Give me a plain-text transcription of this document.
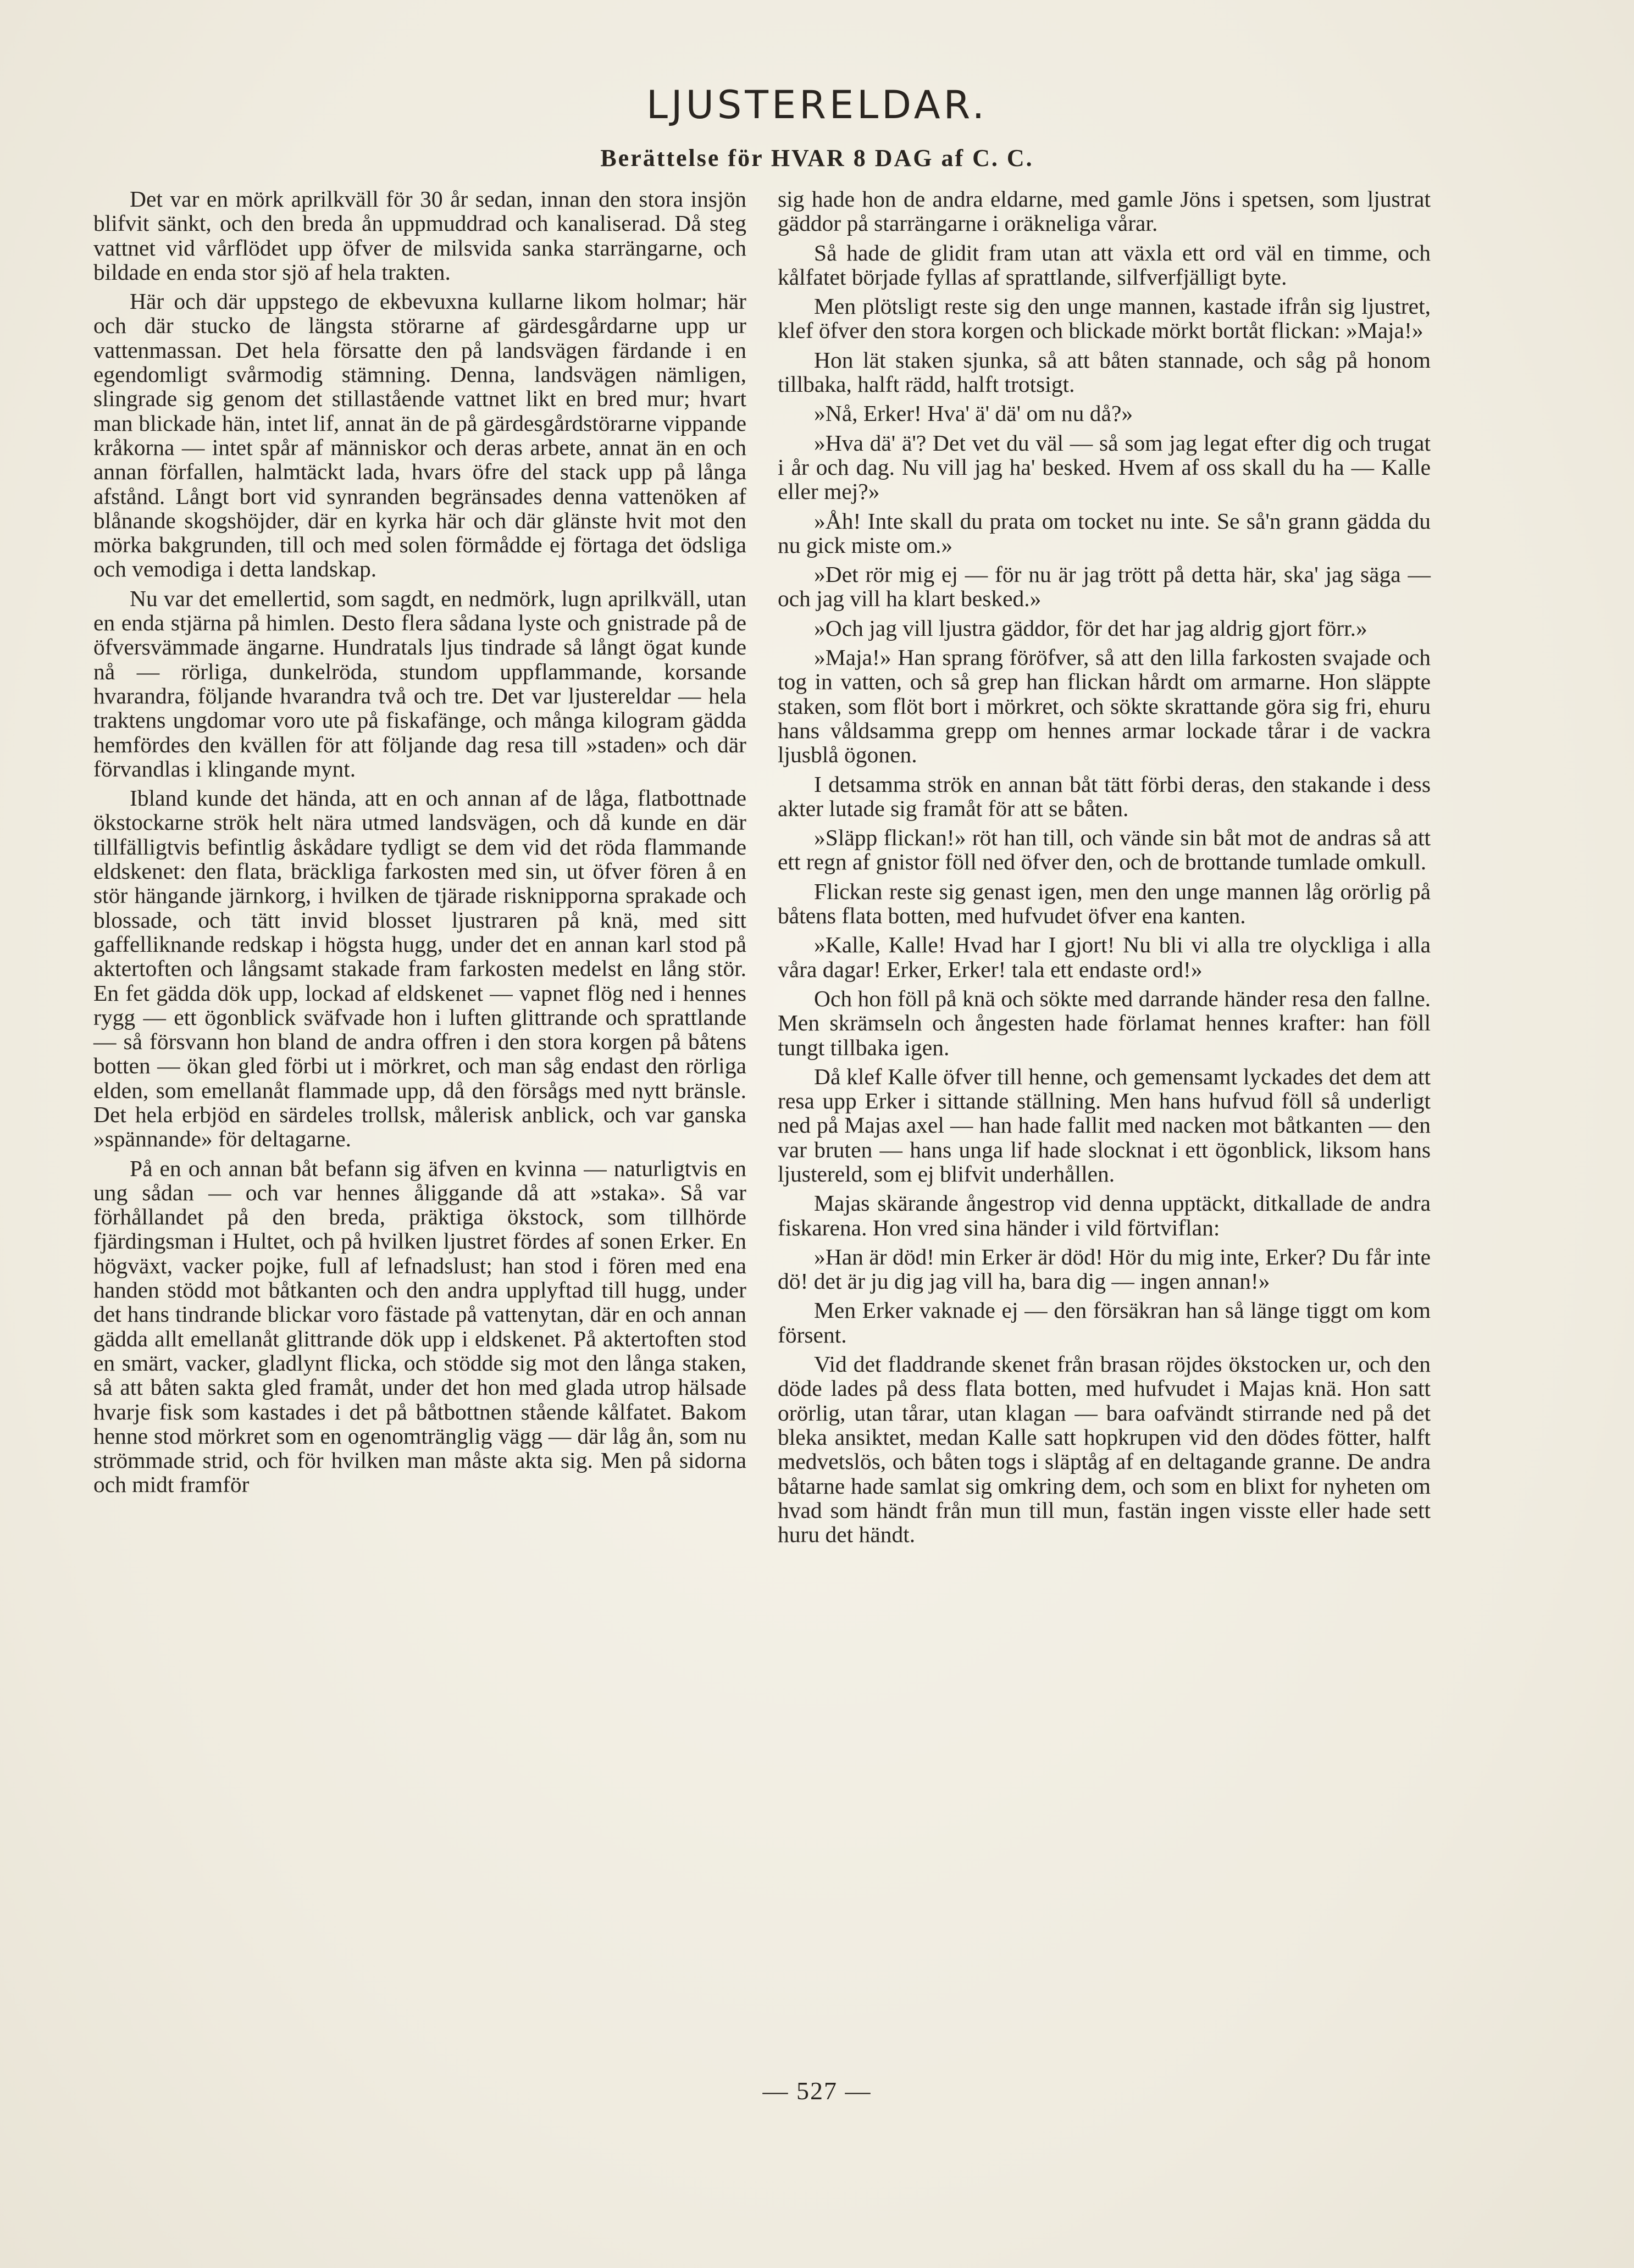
LJUSTERELDAR.
Berättelse för HVAR 8 DAG af C. C.

Det var en mörk aprilkväll för 30 år sedan, innan den stora insjön blifvit sänkt, och den breda ån uppmuddrad och kanaliserad. Då steg vattnet vid vårflödet upp öfver de milsvida sanka starrängarne, och bildade en enda stor sjö af hela trakten.

Här och där uppstego de ekbevuxna kullarne likom holmar; här och där stucko de längsta störarne af gärdesgårdarne upp ur vattenmassan. Det hela försatte den på landsvägen färdande i en egendomligt svårmodig stämning. Denna, landsvägen nämligen, slingrade sig genom det stillastående vattnet likt en bred mur; hvart man blickade hän, intet lif, annat än de på gärdesgårdstörarne vippande kråkorna — intet spår af människor och deras arbete, annat än en och annan förfallen, halmtäckt lada, hvars öfre del stack upp på långa afstånd. Långt bort vid synranden begränsades denna vattenöken af blånande skogshöjder, där en kyrka här och där glänste hvit mot den mörka bakgrunden, till och med solen förmådde ej förtaga det ödsliga och vemodiga i detta landskap.

Nu var det emellertid, som sagdt, en nedmörk, lugn aprilkväll, utan en enda stjärna på himlen. Desto flera sådana lyste och gnistrade på de öfversvämmade ängarne. Hundratals ljus tindrade så långt ögat kunde nå — rörliga, dunkelröda, stundom uppflammande, korsande hvarandra, följande hvarandra två och tre. Det var ljustereldar — hela traktens ungdomar voro ute på fiskafänge, och många kilogram gädda hemfördes den kvällen för att följande dag resa till »staden» och där förvandlas i klingande mynt.

Ibland kunde det hända, att en och annan af de låga, flatbottnade ökstockarne strök helt nära utmed landsvägen, och då kunde en där tillfälligtvis befintlig åskådare tydligt se dem vid det röda flammande eldskenet: den flata, bräckliga farkosten med sin, ut öfver fören å en stör hängande järnkorg, i hvilken de tjärade risknipporna sprakade och blossade, och tätt invid blosset ljustraren på knä, med sitt gaffelliknande redskap i högsta hugg, under det en annan karl stod på aktertoften och långsamt stakade fram farkosten medelst en lång stör. En fet gädda dök upp, lockad af eldskenet — vapnet flög ned i hennes rygg — ett ögonblick sväfvade hon i luften glittrande och sprattlande — så försvann hon bland de andra offren i den stora korgen på båtens botten — ökan gled förbi ut i mörkret, och man såg endast den rörliga elden, som emellanåt flammade upp, då den försågs med nytt bränsle. Det hela erbjöd en särdeles trollsk, målerisk anblick, och var ganska »spännande» för deltagarne.

På en och annan båt befann sig äfven en kvinna — naturligtvis en ung sådan — och var hennes åliggande då att »staka». Så var förhållandet på den breda, präktiga ökstock, som tillhörde fjärdingsman i Hultet, och på hvilken ljustret fördes af sonen Erker. En högväxt, vacker pojke, full af lefnadslust; han stod i fören med ena handen stödd mot båtkanten och den andra upplyftad till hugg, under det hans tindrande blickar voro fästade på vattenytan, där en och annan gädda allt emellanåt glittrande dök upp i eldskenet. På aktertoften stod en smärt, vacker, gladlynt flicka, och stödde sig mot den långa staken, så att båten sakta gled framåt, under det hon med glada utrop hälsade hvarje fisk som kastades i det på båtbottnen stående kålfatet. Bakom henne stod mörkret som en ogenomtränglig vägg — där låg ån, som nu strömmade strid, och för hvilken man måste akta sig. Men på sidorna och midt framför

sig hade hon de andra eldarne, med gamle Jöns i spetsen, som ljustrat gäddor på starrängarne i oräkneliga vårar.

Så hade de glidit fram utan att växla ett ord väl en timme, och kålfatet började fyllas af sprattlande, silfverfjälligt byte.

Men plötsligt reste sig den unge mannen, kastade ifrån sig ljustret, klef öfver den stora korgen och blickade mörkt bortåt flickan: »Maja!»

Hon lät staken sjunka, så att båten stannade, och såg på honom tillbaka, halft rädd, halft trotsigt.

»Nå, Erker! Hva' ä' dä' om nu då?»

»Hva dä' ä'? Det vet du väl — så som jag legat efter dig och trugat i år och dag. Nu vill jag ha' besked. Hvem af oss skall du ha — Kalle eller mej?»

»Åh! Inte skall du prata om tocket nu inte. Se så'n grann gädda du nu gick miste om.»

»Det rör mig ej — för nu är jag trött på detta här, ska' jag säga — och jag vill ha klart besked.»

»Och jag vill ljustra gäddor, för det har jag aldrig gjort förr.»

»Maja!» Han sprang föröfver, så att den lilla farkosten svajade och tog in vatten, och så grep han flickan hårdt om armarne. Hon släppte staken, som flöt bort i mörkret, och sökte skrattande göra sig fri, ehuru hans våldsamma grepp om hennes armar lockade tårar i de vackra ljusblå ögonen.

I detsamma strök en annan båt tätt förbi deras, den stakande i dess akter lutade sig framåt för att se båten.

»Släpp flickan!» röt han till, och vände sin båt mot de andras så att ett regn af gnistor föll ned öfver den, och de brottande tumlade omkull.

Flickan reste sig genast igen, men den unge mannen låg orörlig på båtens flata botten, med hufvudet öfver ena kanten.

»Kalle, Kalle! Hvad har I gjort! Nu bli vi alla tre olyckliga i alla våra dagar! Erker, Erker! tala ett endaste ord!»

Och hon föll på knä och sökte med darrande händer resa den fallne. Men skrämseln och ångesten hade förlamat hennes krafter: han föll tungt tillbaka igen.

Då klef Kalle öfver till henne, och gemensamt lyckades det dem att resa upp Erker i sittande ställning. Men hans hufvud föll så underligt ned på Majas axel — han hade fallit med nacken mot båtkanten — den var bruten — hans unga lif hade slocknat i ett ögonblick, liksom hans ljustereld, som ej blifvit underhållen.

Majas skärande ångestrop vid denna upptäckt, ditkallade de andra fiskarena. Hon vred sina händer i vild förtviflan:

»Han är död! min Erker är död! Hör du mig inte, Erker? Du får inte dö! det är ju dig jag vill ha, bara dig — ingen annan!»

Men Erker vaknade ej — den försäkran han så länge tiggt om kom försent.

Vid det fladdrande skenet från brasan röjdes ökstocken ur, och den döde lades på dess flata botten, med hufvudet i Majas knä. Hon satt orörlig, utan tårar, utan klagan — bara oafvändt stirrande ned på det bleka ansiktet, medan Kalle satt hopkrupen vid den dödes fötter, halft medvetslös, och båten togs i släptåg af en deltagande granne. De andra båtarne hade samlat sig omkring dem, och som en blixt for nyheten om hvad som händt från mun till mun, fastän ingen visste eller hade sett huru det händt.

— 527 —
